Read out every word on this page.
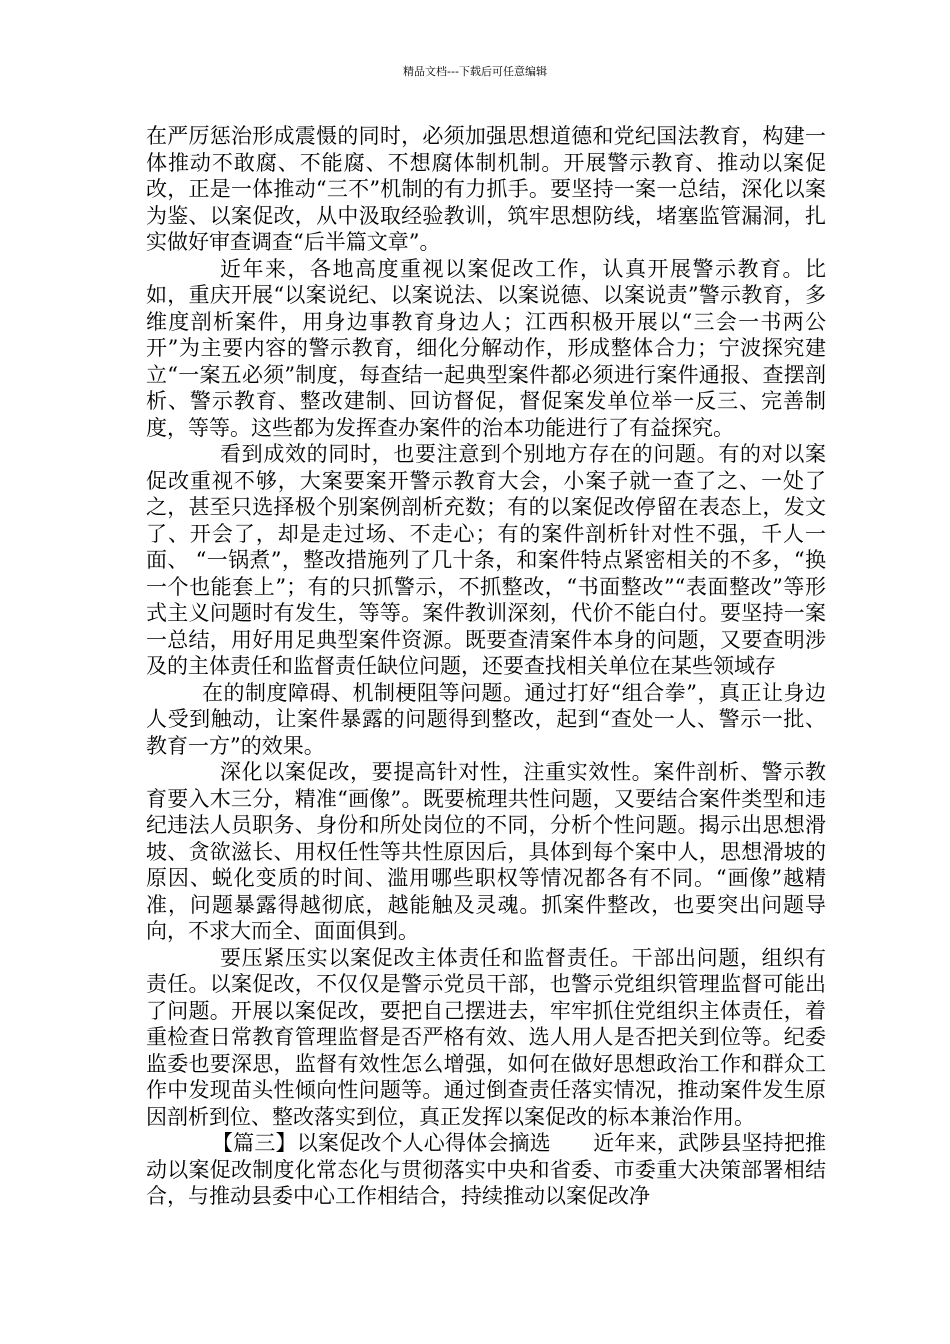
精品文档---下载后可任意编辑

在严厉惩治形成震慑的同时，必须加强思想道德和党纪国法教育，构建一体推动不敢腐、不能腐、不想腐体制机制。开展警示教育、推动以案促改，正是一体推动“三不”机制的有力抓手。要坚持一案一总结，深化以案为鉴、以案促改，从中汲取经验教训，筑牢思想防线，堵塞监管漏洞，扎实做好审查调查“后半篇文章”。

近年来，各地高度重视以案促改工作，认真开展警示教育。比如，重庆开展“以案说纪、以案说法、以案说德、以案说责”警示教育，多维度剖析案件，用身边事教育身边人；江西积极开展以“三会一书两公开”为主要内容的警示教育，细化分解动作，形成整体合力；宁波探究建立“一案五必须”制度，每查结一起典型案件都必须进行案件通报、查摆剖析、警示教育、整改建制、回访督促，督促案发单位举一反三、完善制度，等等。这些都为发挥查办案件的治本功能进行了有益探究。

看到成效的同时，也要注意到个别地方存在的问题。有的对以案促改重视不够，大案要案开警示教育大会，小案子就一查了之、一处了之，甚至只选择极个别案例剖析充数；有的以案促改停留在表态上，发文了、开会了，却是走过场、不走心；有的案件剖析针对性不强，千人一面、 “一锅煮”，整改措施列了几十条，和案件特点紧密相关的不多，“换一个也能套上”；有的只抓警示，不抓整改，“书面整改”“表面整改”等形式主义问题时有发生，等等。案件教训深刻，代价不能白付。要坚持一案一总结，用好用足典型案件资源。既要查清案件本身的问题，又要查明涉及的主体责任和监督责任缺位问题，还要查找相关单位在某些领域存

在的制度障碍、机制梗阻等问题。通过打好“组合拳”，真正让身边人受到触动，让案件暴露的问题得到整改，起到“查处一人、警示一批、教育一方”的效果。

深化以案促改，要提高针对性，注重实效性。案件剖析、警示教育要入木三分，精准“画像”。既要梳理共性问题，又要结合案件类型和违纪违法人员职务、身份和所处岗位的不同，分析个性问题。揭示出思想滑坡、贪欲滋长、用权任性等共性原因后，具体到每个案中人，思想滑坡的原因、蜕化变质的时间、滥用哪些职权等情况都各有不同。“画像”越精准，问题暴露得越彻底，越能触及灵魂。抓案件整改，也要突出问题导向，不求大而全、面面俱到。

要压紧压实以案促改主体责任和监督责任。干部出问题，组织有责任。以案促改，不仅仅是警示党员干部，也警示党组织管理监督可能出了问题。开展以案促改，要把自己摆进去，牢牢抓住党组织主体责任，着重检查日常教育管理监督是否严格有效、选人用人是否把关到位等。纪委监委也要深思，监督有效性怎么增强，如何在做好思想政治工作和群众工作中发现苗头性倾向性问题等。通过倒查责任落实情况，推动案件发生原因剖析到位、整改落实到位，真正发挥以案促改的标本兼治作用。

【篇三】以案促改个人心得体会摘选　　近年来，武陟县坚持把推动以案促改制度化常态化与贯彻落实中央和省委、市委重大决策部署相结合，与推动县委中心工作相结合，持续推动以案促改净
